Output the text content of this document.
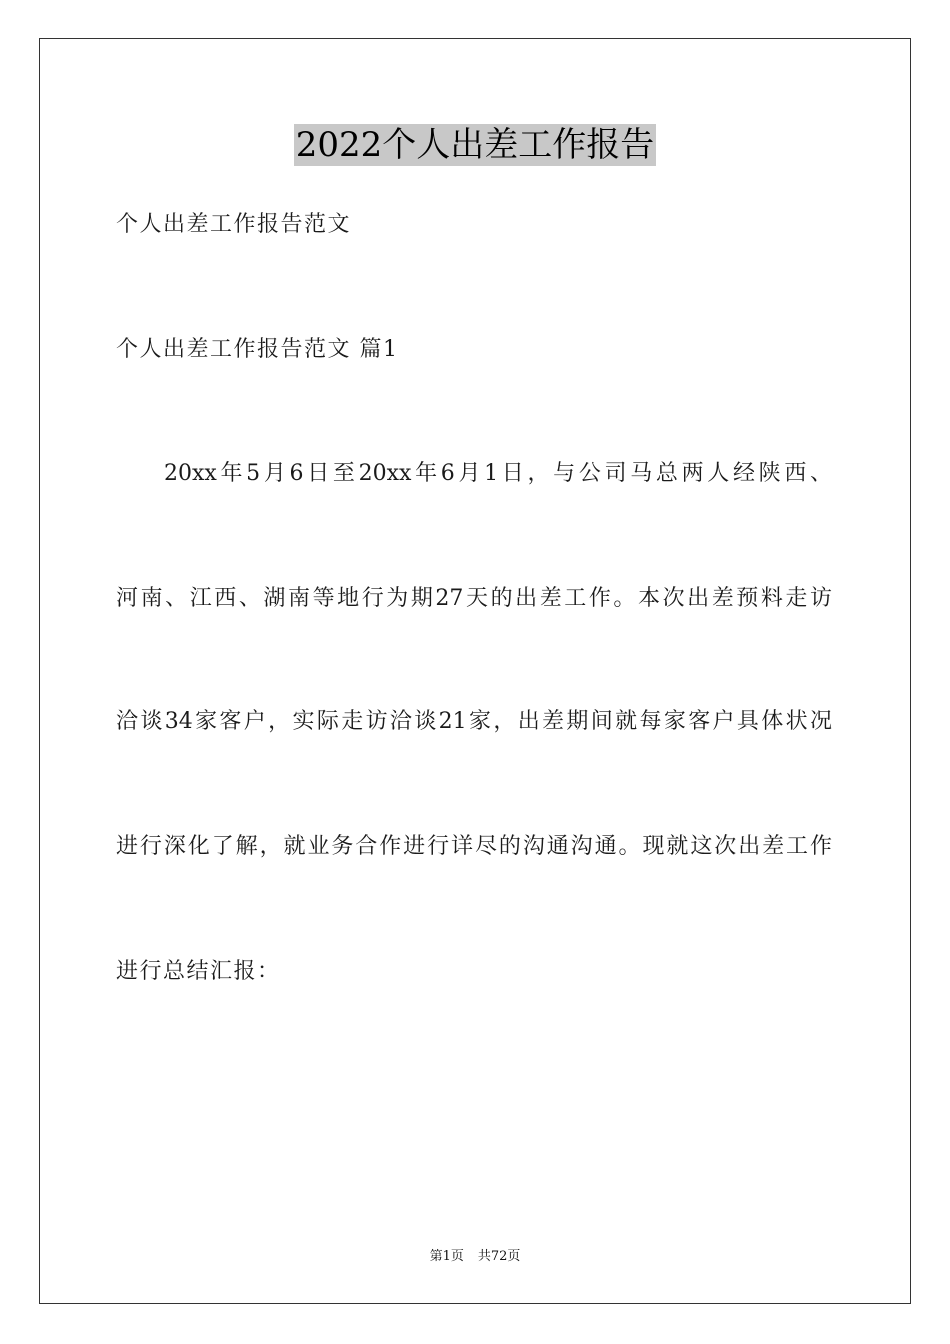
2022个人出差工作报告
个人出差工作报告范文
个人出差工作报告范文 篇1
20xx年5月6日至20xx年6月1日，与公司马总两人经陕西、
河南、江西、湖南等地行为期27天的出差工作。本次出差预料走访
洽谈34家客户，实际走访洽谈21家，出差期间就每家客户具体状况
进行深化了解，就业务合作进行详尽的沟通沟通。现就这次出差工作
进行总结汇报：
第1页 共72页
